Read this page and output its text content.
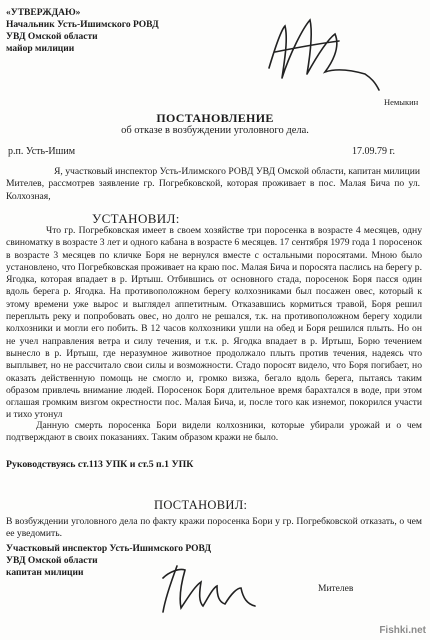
«УТВЕРЖДАЮ»
Начальник Усть-Ишимского РОВД
УВД Омской области
майор милиции
Немыкин
ПОСТАНОВЛЕНИЕ
об отказе в возбуждении уголовного дела.
р.п. Усть-Ишим	17.09.79 г.

Я, участковый инспектор Усть-Илимского РОВД УВД Омской области, капитан милиции Мителев, рассмотрев заявление гр. Погребковской, которая проживает в пос. Малая Бича по ул. Колхозная,

УСТАНОВИЛ:

Что гр. Погребковская имеет в своем хозяйстве три поросенка в возрасте 4 месяцев, одну свиноматку в возрасте 3 лет и одного кабана в возрасте 6 месяцев. 17 сентября 1979 года 1 поросенок в возрасте 3 месяцев по кличке Боря не вернулся вместе с остальными поросятами. Мною было установлено, что Погребковская проживает на краю пос. Малая Бича и поросята паслись на берегу р. Ягодка, которая впадает в р. Иртыш. Отбившись от основного стада, поросенок Боря пасся один вдоль берега р. Ягодка. На противоположном берегу колхозниками был посажен овес, который к этому времени уже вырос и выглядел аппетитным. Отказавшись кормиться травой, Боря решил переплыть реку и попробовать овес, но долго не решался, т.к. на противоположном берегу ходили колхозники и могли его побить. В 12 часов колхозники ушли на обед и Боря решился плыть. Но он не учел направления ветра и силу течения, и т.к. р. Ягодка впадает в р. Иртыш, Борю течением вынесло в р. Иртыш, где неразумное животное продолжало плыть против течения, надеясь что выплывет, но не рассчитало свои силы и возможности. Стадо поросят видело, что Боря погибает, но оказать действенную помощь не смогло и, громко визжа, бегало вдоль берега, пытаясь таким образом привлечь внимание людей. Поросенок Боря длительное время барахтался в воде, при этом оглашая громким визгом окрестности пос. Малая Бича, и, после того как изнемог, покорился участи и тихо утонул

Данную смерть поросенка Бори видели колхозники, которые убирали урожай и о чем подтверждают в своих показаниях. Таким образом кражи не было.

Руководствуясь ст.113 УПК и ст.5 п.1 УПК
ПОСТАНОВИЛ:

В возбуждении уголовного дела по факту кражи поросенка Бори у гр. Погребковской отказать, о чем ее уведомить.

Участковый инспектор Усть-Ишимского РОВД
УВД Омской области
капитан милиции
Мителев
Fishki.net
